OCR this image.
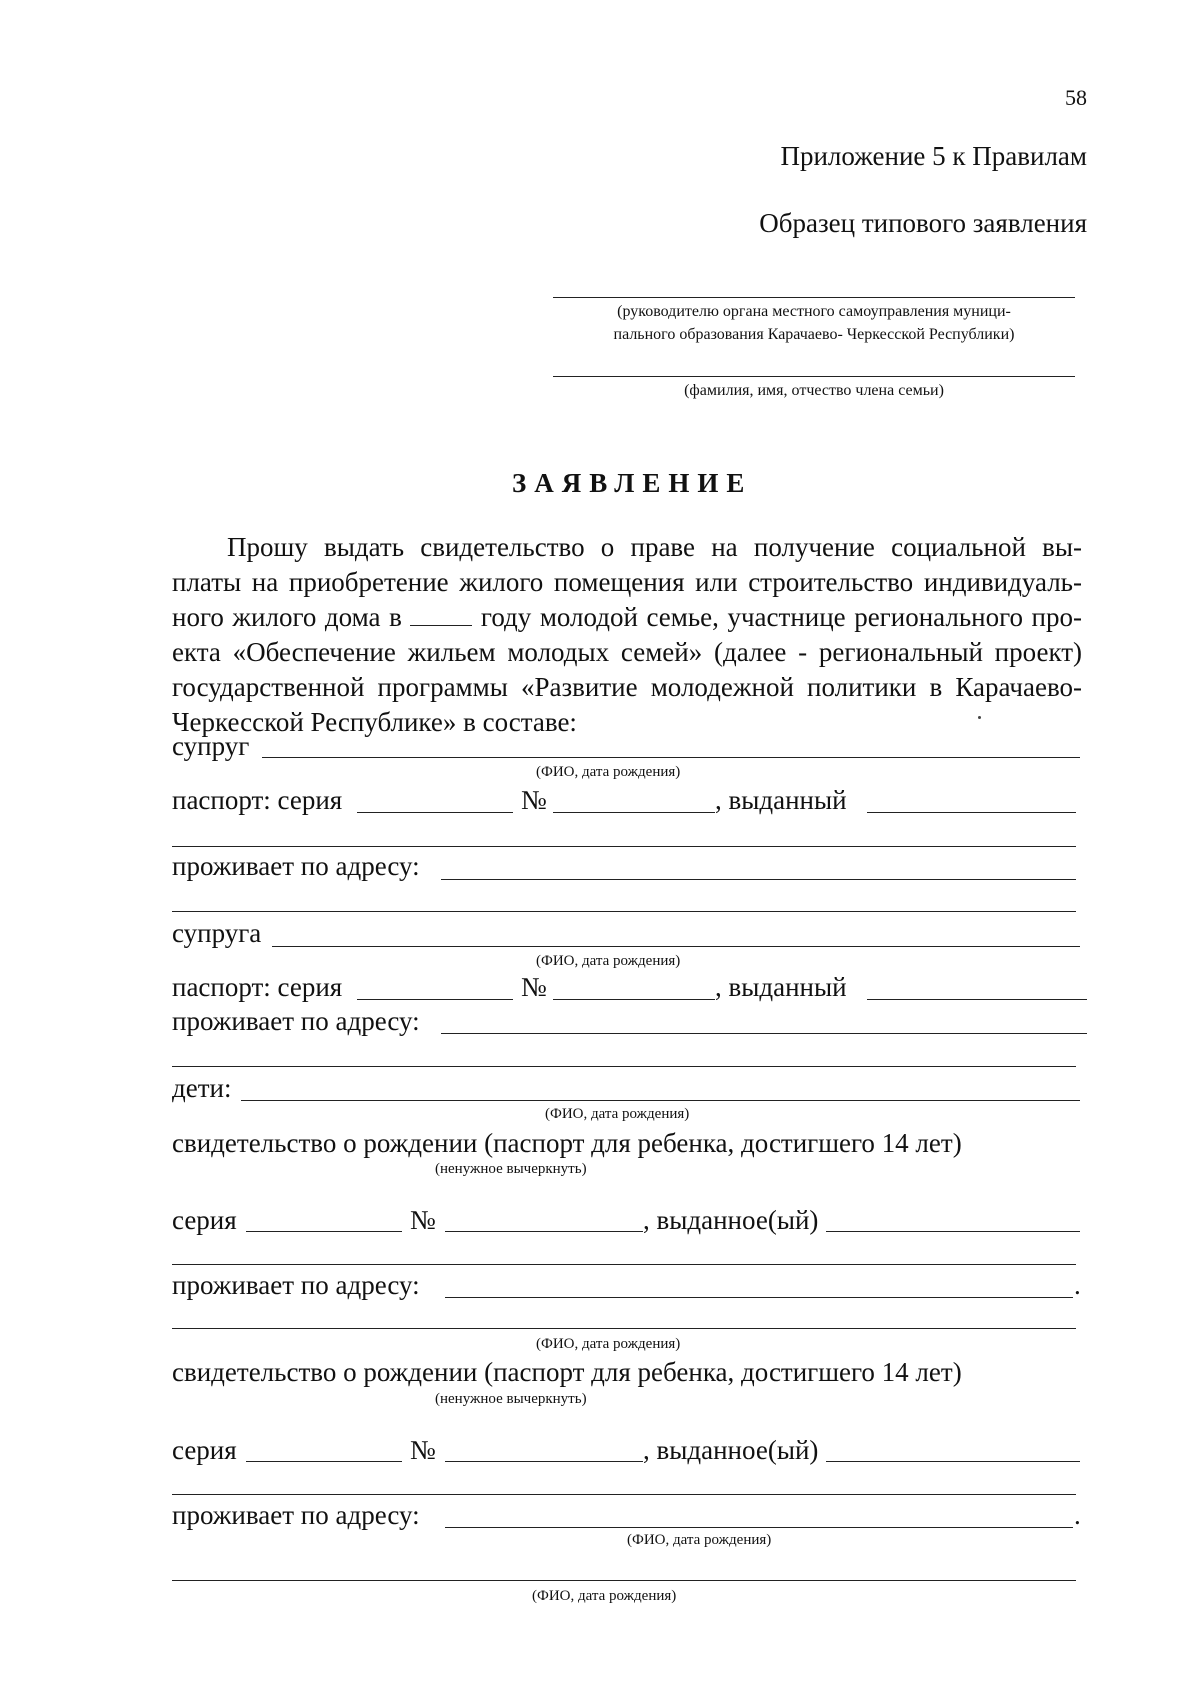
58
Приложение 5 к Правилам
Образец типового заявления
(руководителю органа местного самоуправления муници-
пального образования Карачаево- Черкесской Республики)
(фамилия, имя, отчество члена семьи)
ЗАЯВЛЕНИЕ
Прошу выдать свидетельство о праве на получение социальной вы-
платы на приобретение жилого помещения или строительство индивидуаль-
ного жилого дома в	году молодой семье, участнице регионального про-
екта «Обеспечение жильем молодых семей» (далее - региональный проект)
государственной программы «Развитие молодежной политики в Карачаево-
Черкесской Республике» в составе:
супруг
(ФИО, дата рождения)
паспорт: серия	№	, выданный
проживает по адресу:
супруга
(ФИО, дата рождения)
паспорт: серия	№	, выданный
проживает по адресу:
дети:
(ФИО, дата рождения)
свидетельство о рождении (паспорт для ребенка, достигшего 14 лет)
(ненужное вычеркнуть)
серия	№	, выданное(ый)
проживает по адресу:	.
(ФИО, дата рождения)
свидетельство о рождении (паспорт для ребенка, достигшего 14 лет)
(ненужное вычеркнуть)
серия	№	, выданное(ый)
проживает по адресу:	.
(ФИО, дата рождения)
(ФИО, дата рождения)
